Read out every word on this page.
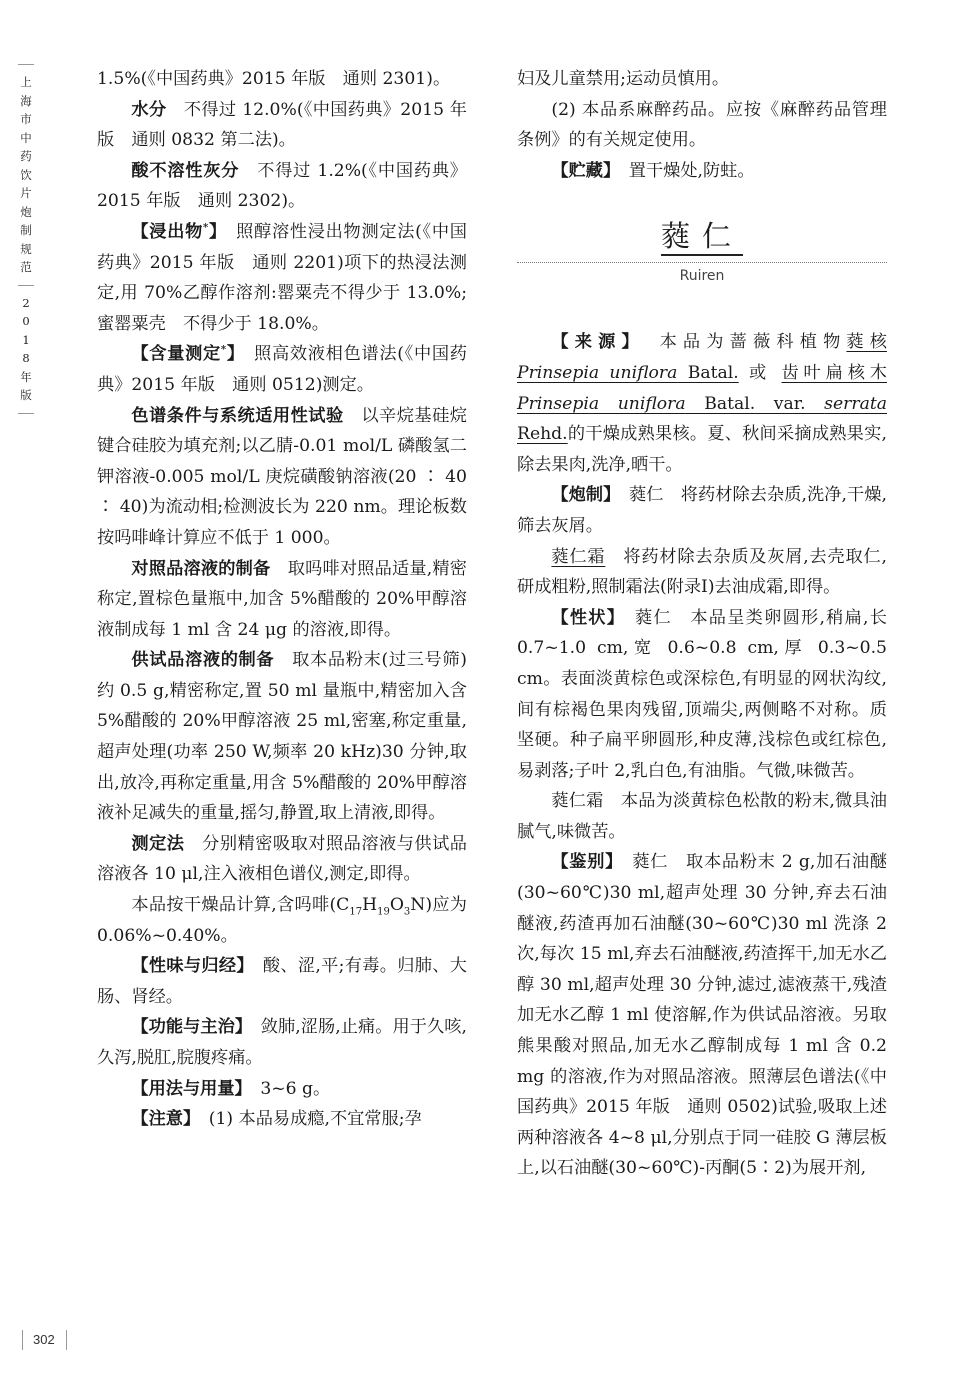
上海市中药饮片炮制规范
2018年版

1.5%(《中国药典》2015 年版　通则 2301)。

水分　 不得过 12.0%(《中国药典》2015 年版　通则 0832 第二法)。

酸不溶性灰分　 不得过 1.2%(《中国药典》2015 年版　通则 2302)。

【浸出物*】　 照醇溶性浸出物测定法(《中国药典》2015 年版　通则 2201)项下的热浸法测定,用 70%乙醇作溶剂:罂粟壳不得少于 13.0%;蜜罂粟壳　不得少于 18.0%。

【含量测定*】　 照高效液相色谱法(《中国药典》2015 年版　通则 0512)测定。

色谱条件与系统适用性试验　 以辛烷基硅烷键合硅胶为填充剂;以乙腈-0.01 mol/L 磷酸氢二钾溶液-0.005 mol/L 庚烷磺酸钠溶液(20 ∶ 40 ∶ 40)为流动相;检测波长为 220 nm。理论板数按吗啡峰计算应不低于 1 000。

对照品溶液的制备　 取吗啡对照品适量,精密称定,置棕色量瓶中,加含 5%醋酸的 20%甲醇溶液制成每 1 ml 含 24 μg 的溶液,即得。

供试品溶液的制备　 取本品粉末(过三号筛)约 0.5 g,精密称定,置 50 ml 量瓶中,精密加入含 5%醋酸的 20%甲醇溶液 25 ml,密塞,称定重量,超声处理(功率 250 W,频率 20 kHz)30 分钟,取出,放冷,再称定重量,用含 5%醋酸的 20%甲醇溶液补足减失的重量,摇匀,静置,取上清液,即得。

测定法　 分别精密吸取对照品溶液与供试品溶液各 10 μl,注入液相色谱仪,测定,即得。

本品按干燥品计算,含吗啡$(C_{17}H_{19}O_3N)$应为 0.06%~0.40%。

【性味与归经】　 酸、涩,平;有毒。归肺、大肠、肾经。

【功能与主治】　 敛肺,涩肠,止痛。用于久咳,久泻,脱肛,脘腹疼痛。

【用法与用量】　 3~6 g。

【注意】　 (1) 本品易成瘾,不宜常服;孕

妇及儿童禁用;运动员慎用。

(2) 本品系麻醉药品。应按《麻醉药品管理条例》的有关规定使用。

【贮藏】　 置干燥处,防蛀。

蕤仁
Ruiren

【来源】　 本品为蔷薇科植物蕤核 Prinsepia uniflora Batal. 或 齿叶扁核木 Prinsepia uniflora Batal. var. serrata Rehd.的干燥成熟果核。夏、秋间采摘成熟果实,除去果肉,洗净,晒干。

【炮制】　 蕤仁　 将药材除去杂质,洗净,干燥,筛去灰屑。

蕤仁霜　 将药材除去杂质及灰屑,去壳取仁,研成粗粉,照制霜法(附录Ⅰ)去油成霜,即得。

【性状】　 蕤仁　 本品呈类卵圆形,稍扁,长 0.7~1.0 cm,宽 0.6~0.8 cm,厚 0.3~0.5 cm。表面淡黄棕色或深棕色,有明显的网状沟纹,间有棕褐色果肉残留,顶端尖,两侧略不对称。质坚硬。种子扁平卵圆形,种皮薄,浅棕色或红棕色,易剥落;子叶 2,乳白色,有油脂。气微,味微苦。

蕤仁霜　 本品为淡黄棕色松散的粉末,微具油腻气,味微苦。

【鉴别】　 蕤仁　 取本品粉末 2 g,加石油醚(30~60℃)30 ml,超声处理 30 分钟,弃去石油醚液,药渣再加石油醚(30~60℃)30 ml 洗涤 2 次,每次 15 ml,弃去石油醚液,药渣挥干,加无水乙醇 30 ml,超声处理 30 分钟,滤过,滤液蒸干,残渣加无水乙醇 1 ml 使溶解,作为供试品溶液。另取熊果酸对照品,加无水乙醇制成每 1 ml 含 0.2 mg 的溶液,作为对照品溶液。照薄层色谱法(《中国药典》2015 年版　通则 0502)试验,吸取上述两种溶液各 4~8 μl,分别点于同一硅胶 G 薄层板上,以石油醚(30~60℃)-丙酮(5∶2)为展开剂,

302
